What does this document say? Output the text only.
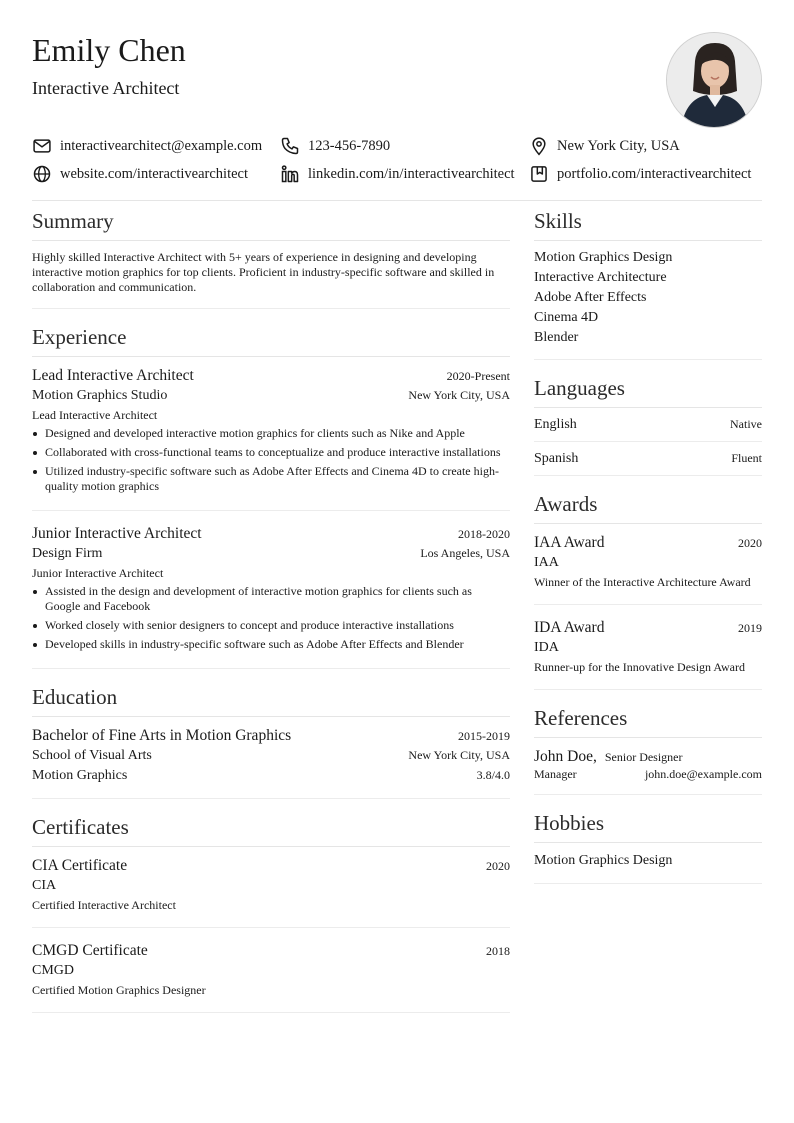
Emily Chen
Interactive Architect
interactivearchitect@example.com	123-456-7890	New York City, USA
website.com/interactivearchitect	linkedin.com/in/interactivearchitect	portfolio.com/interactivearchitect
Summary

Highly skilled Interactive Architect with 5+ years of experience in designing and developing interactive motion graphics for top clients. Proficient in industry-specific software and skilled in collaboration and communication.

Experience
Lead Interactive Architect	2020-Present
Motion Graphics Studio	New York City, USA
Lead Interactive Architect
Designed and developed interactive motion graphics for clients such as Nike and Apple
Collaborated with cross-functional teams to conceptualize and produce interactive installations
Utilized industry-specific software such as Adobe After Effects and Cinema 4D to create high-quality motion graphics
Junior Interactive Architect	2018-2020
Design Firm	Los Angeles, USA
Junior Interactive Architect
Assisted in the design and development of interactive motion graphics for clients such as Google and Facebook
Worked closely with senior designers to concept and produce interactive installations
Developed skills in industry-specific software such as Adobe After Effects and Blender
Education
Bachelor of Fine Arts in Motion Graphics	2015-2019
School of Visual Arts	New York City, USA
Motion Graphics	3.8/4.0
Certificates
CIA Certificate	2020
CIA
Certified Interactive Architect
CMGD Certificate	2018
CMGD
Certified Motion Graphics Designer
Skills
Motion Graphics Design
Interactive Architecture
Adobe After Effects
Cinema 4D
Blender
Languages
English	Native
Spanish	Fluent
Awards
IAA Award	2020
IAA
Winner of the Interactive Architecture Award
IDA Award	2019
IDA
Runner-up for the Innovative Design Award
References
John Doe, Senior Designer
Manager	john.doe@example.com
Hobbies
Motion Graphics Design
